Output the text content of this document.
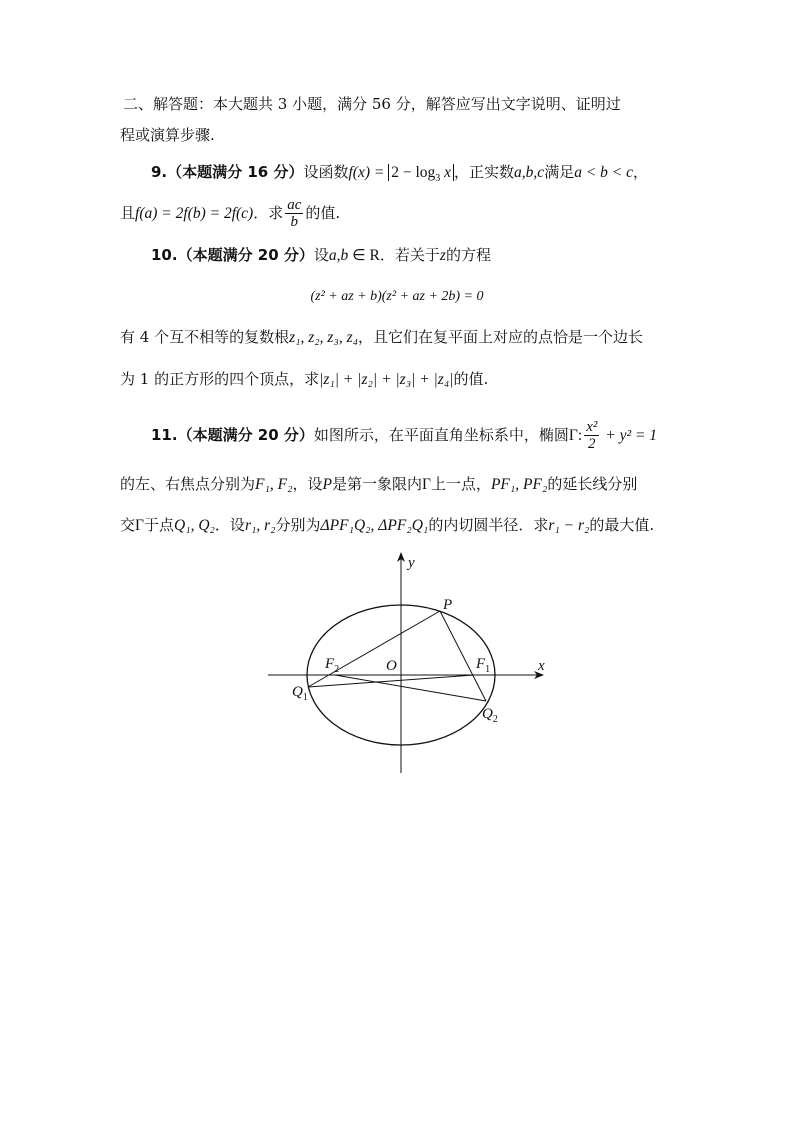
二、解答题：本大题共 3 小题，满分 56 分，解答应写出文字说明、证明过
程或演算步骤.
9.（本题满分 16 分）设函数$f(x) = 2 - \log_3 x$ ，正实数a,b,c满足a < b < c，
且f(a) = 2f(b) = 2f(c)．求 $\frac{ac}{b}$ 的值.
10.（本题满分 20 分）设a,b ∈ R．若关于z的方程
(z² + az + b)(z² + az + 2b) = 0
有 4 个互不相等的复数根z₁, z₂, z₃, z₄，且它们在复平面上对应的点恰是一个边长
为 1 的正方形的四个顶点，求|z₁| + |z₂| + |z₃| + |z₄|的值.
11.（本题满分 20 分）如图所示，在平面直角坐标系中，椭圆Γ: $\frac{\text{x²}}{2} + y^2 = 1$
的左、右焦点分别为F₁, F₂，设P是第一象限内Γ上一点，PF₁, PF₂的延长线分别
交Γ于点Q₁, Q₂．设r₁, r₂分别为ΔPF₁Q₂, ΔPF₂Q₁的内切圆半径．求r₁ − r₂的最大值.
y
x
P
O
$F_2$	$F_1$
$Q_1$
$Q_2$
